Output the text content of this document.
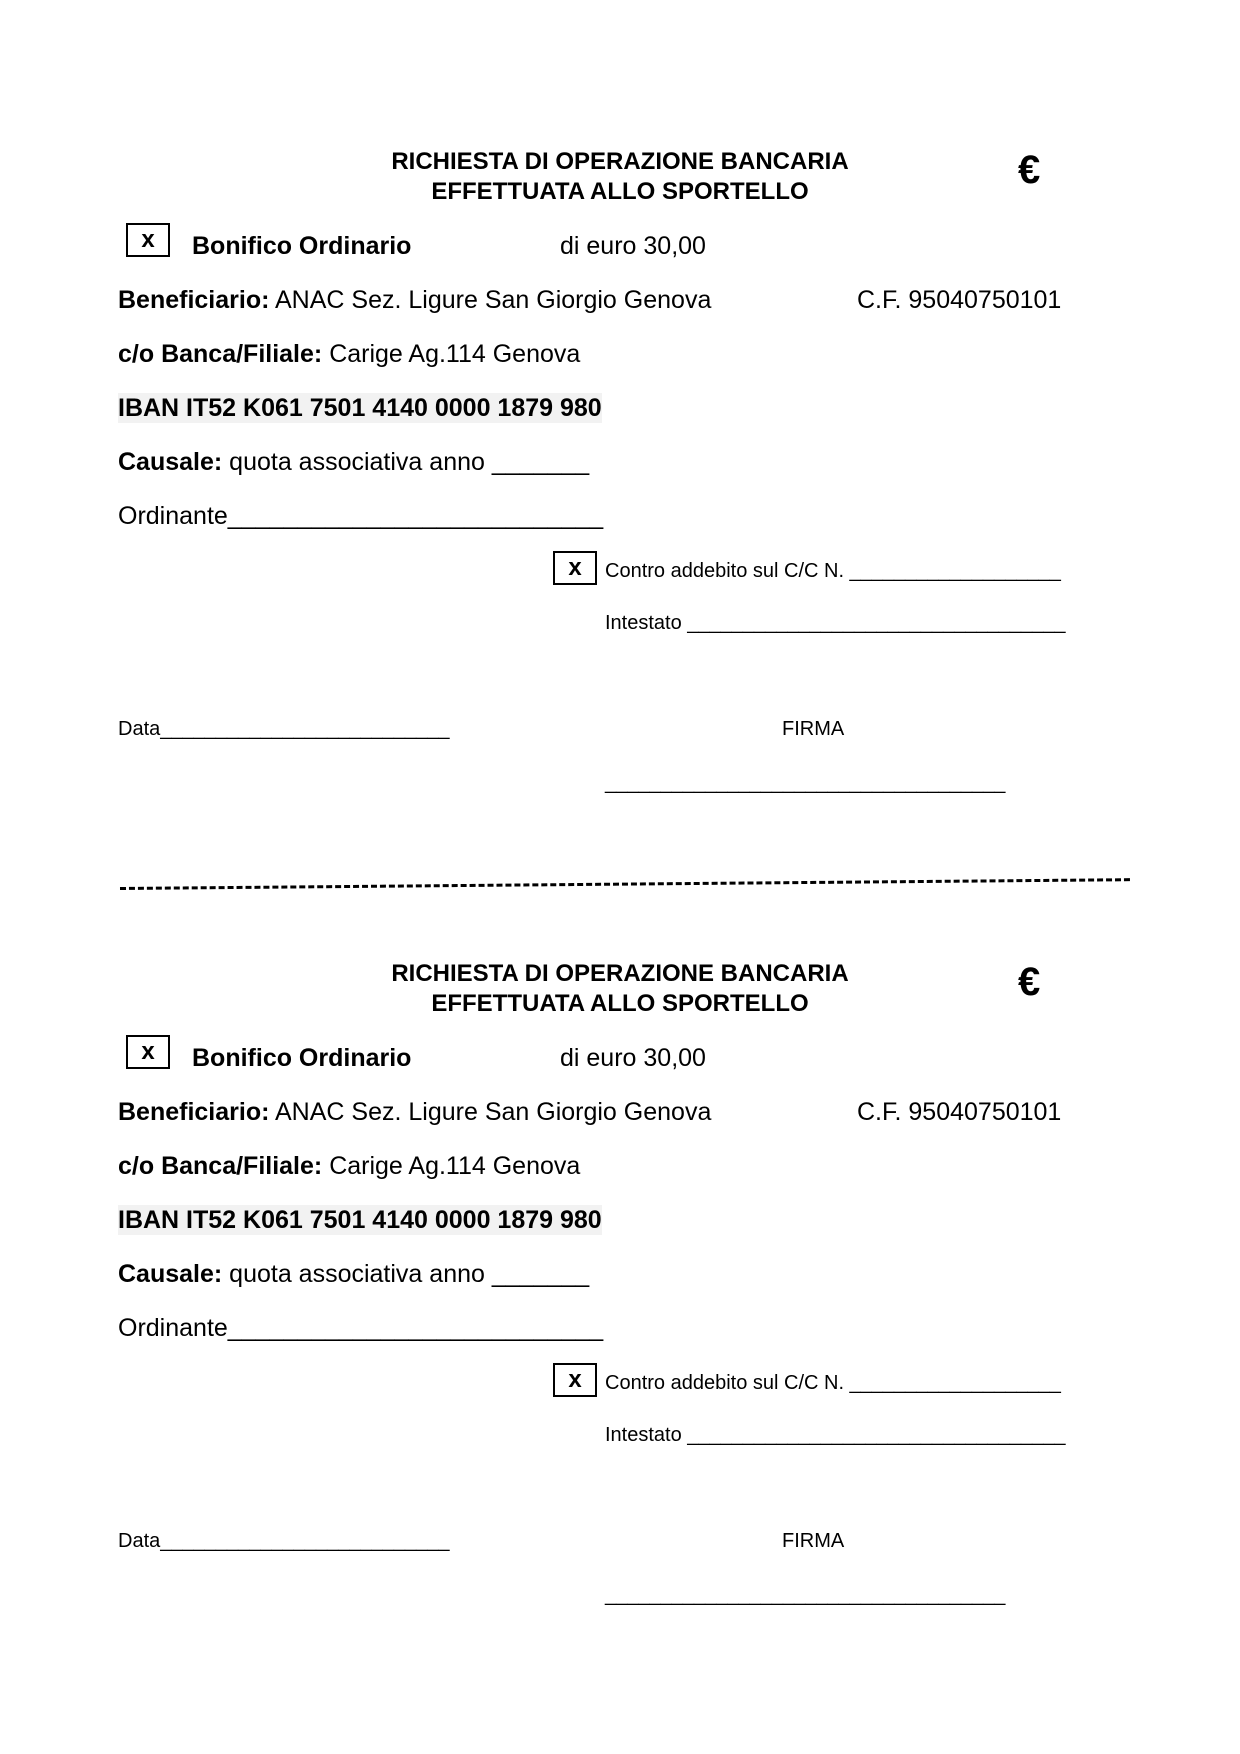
RICHIESTA DI OPERAZIONE BANCARIA
EFFETTUATA ALLO SPORTELLO	€
x	Bonifico Ordinario	di euro 30,00
Beneficiario: ANAC Sez. Ligure San Giorgio Genova	C.F. 95040750101
c/o Banca/Filiale: Carige Ag.114 Genova
IBAN IT52 K061 7501 4140 0000 1879 980
Causale: quota associativa anno _______
Ordinante___________________________
x	Contro addebito sul C/C N. ___________________
Intestato __________________________________
Data__________________________	FIRMA
____________________________________
RICHIESTA DI OPERAZIONE BANCARIA
EFFETTUATA ALLO SPORTELLO	€
x	Bonifico Ordinario	di euro 30,00
Beneficiario: ANAC Sez. Ligure San Giorgio Genova	C.F. 95040750101
c/o Banca/Filiale: Carige Ag.114 Genova
IBAN IT52 K061 7501 4140 0000 1879 980
Causale: quota associativa anno _______
Ordinante___________________________
x	Contro addebito sul C/C N. ___________________
Intestato __________________________________
Data__________________________	FIRMA
____________________________________
